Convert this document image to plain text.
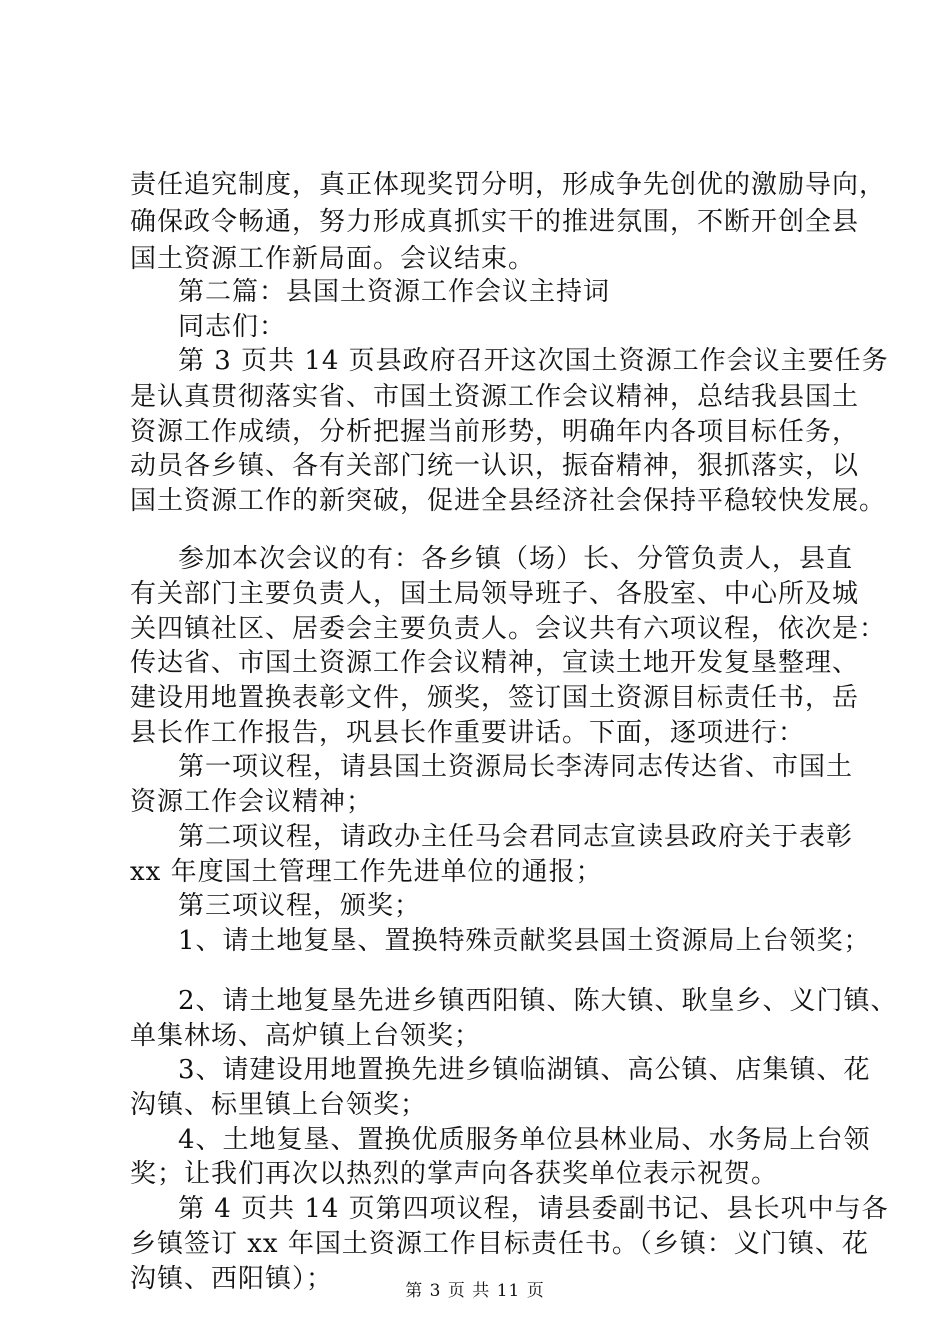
责任追究制度，真正体现奖罚分明，形成争先创优的激励导向，
确保政令畅通，努力形成真抓实干的推进氛围，不断开创全县
国土资源工作新局面。会议结束。
第二篇：县国土资源工作会议主持词
同志们：
第 3 页共 14 页县政府召开这次国土资源工作会议主要任务
是认真贯彻落实省、市国土资源工作会议精神，总结我县国土
资源工作成绩，分析把握当前形势，明确年内各项目标任务，
动员各乡镇、各有关部门统一认识，振奋精神，狠抓落实，以
国土资源工作的新突破，促进全县经济社会保持平稳较快发展。
参加本次会议的有：各乡镇（场）长、分管负责人，县直
有关部门主要负责人，国土局领导班子、各股室、中心所及城
关四镇社区、居委会主要负责人。会议共有六项议程，依次是：
传达省、市国土资源工作会议精神，宣读土地开发复垦整理、
建设用地置换表彰文件，颁奖，签订国土资源目标责任书，岳
县长作工作报告，巩县长作重要讲话。下面，逐项进行：
第一项议程，请县国土资源局长李涛同志传达省、市国土
资源工作会议精神；
第二项议程，请政办主任马会君同志宣读县政府关于表彰
xx 年度国土管理工作先进单位的通报；
第三项议程，颁奖；
1、请土地复垦、置换特殊贡献奖县国土资源局上台领奖；
2、请土地复垦先进乡镇西阳镇、陈大镇、耿皇乡、义门镇、
单集林场、高炉镇上台领奖；
3、请建设用地置换先进乡镇临湖镇、高公镇、店集镇、花
沟镇、标里镇上台领奖；
4、土地复垦、置换优质服务单位县林业局、水务局上台领
奖；让我们再次以热烈的掌声向各获奖单位表示祝贺。
第 4 页共 14 页第四项议程，请县委副书记、县长巩中与各
乡镇签订 xx 年国土资源工作目标责任书。（乡镇：义门镇、花
沟镇、西阳镇）；	第 3 页 共 11 页
